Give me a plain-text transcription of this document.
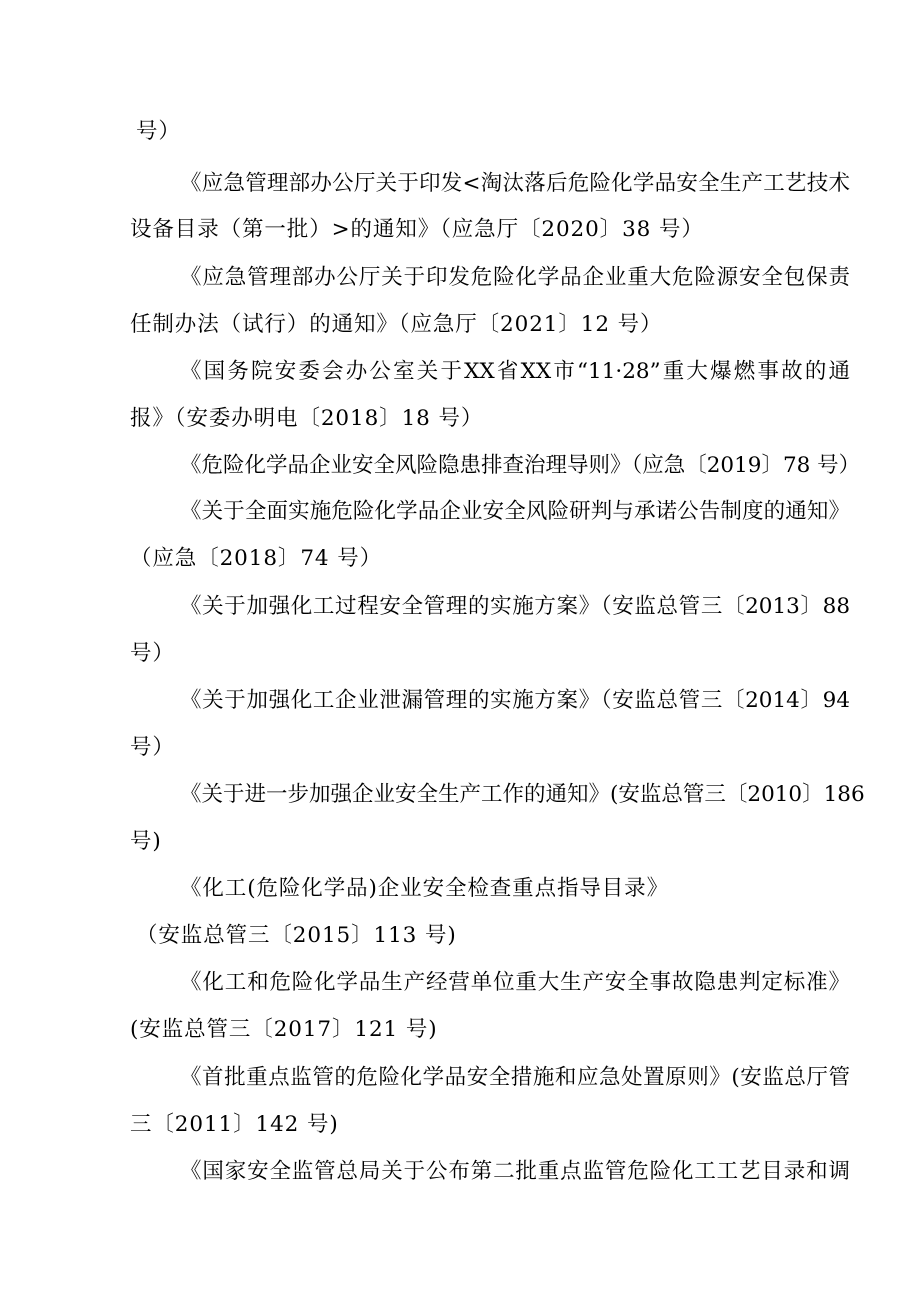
号）
《应急管理部办公厅关于印发<淘汰落后危险化学品安全生产工艺技术
设备目录（第一批）>的通知》（应急厅〔2020〕38 号）
《应急管理部办公厅关于印发危险化学品企业重大危险源安全包保责
任制办法（试行）的通知》（应急厅〔2021〕12 号）
《国务院安委会办公室关于XX省XX市“11·28”重大爆燃事故的通
报》（安委办明电〔2018〕18 号）
《危险化学品企业安全风险隐患排查治理导则》（应急〔2019〕78 号）
《关于全面实施危险化学品企业安全风险研判与承诺公告制度的通知》
（应急〔2018〕74 号）
《关于加强化工过程安全管理的实施方案》（安监总管三〔2013〕88
号）
《关于加强化工企业泄漏管理的实施方案》（安监总管三〔2014〕94
号）
《关于进一步加强企业安全生产工作的通知》(安监总管三〔2010〕186
号)
《化工(危险化学品)企业安全检查重点指导目录》
（安监总管三〔2015〕113 号)
《化工和危险化学品生产经营单位重大生产安全事故隐患判定标准》
(安监总管三〔2017〕121 号)
《首批重点监管的危险化学品安全措施和应急处置原则》(安监总厅管
三〔2011〕142 号)
《国家安全监管总局关于公布第二批重点监管危险化工工艺目录和调
